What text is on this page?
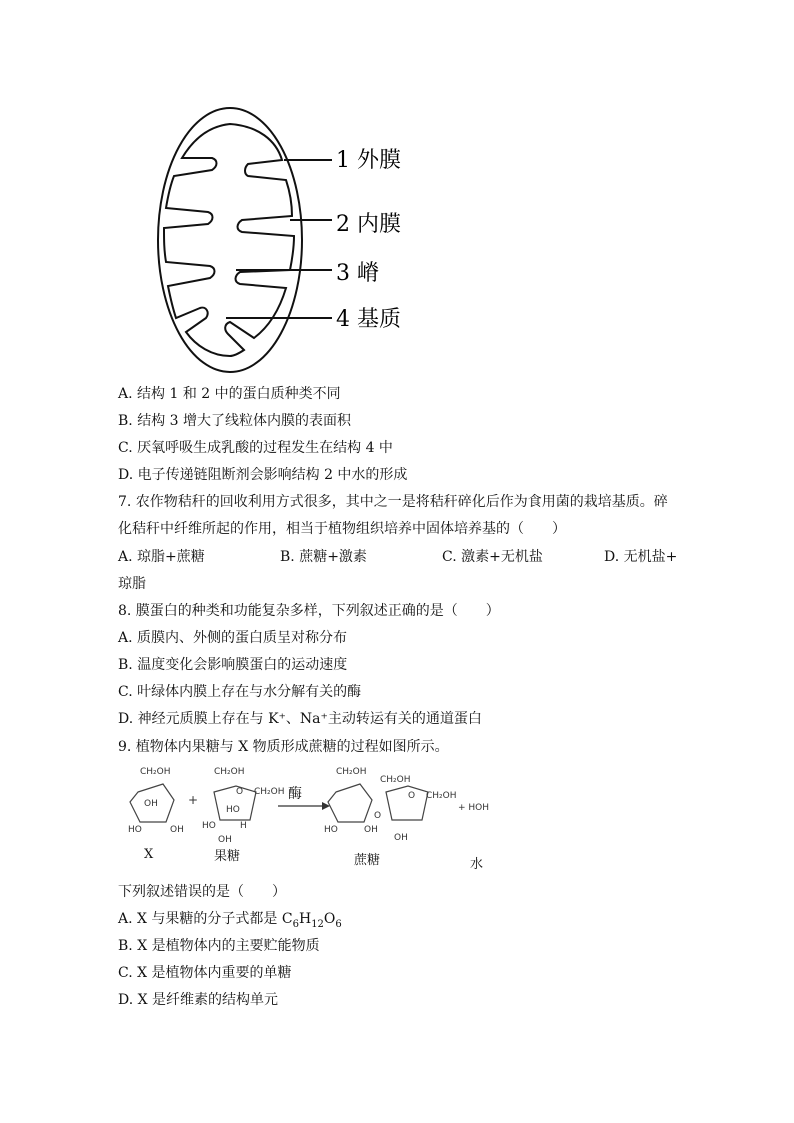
1 外膜
2 内膜
3 嵴
4 基质
A. 结构 1 和 2 中的蛋白质种类不同
B. 结构 3 增大了线粒体内膜的表面积
C. 厌氧呼吸生成乳酸的过程发生在结构 4 中
D. 电子传递链阻断剂会影响结构 2 中水的形成
7. 农作物秸秆的回收利用方式很多，其中之一是将秸秆碎化后作为食用菌的栽培基质。碎
化秸秆中纤维所起的作用，相当于植物组织培养中固体培养基的（　　）
A. 琼脂+蔗糖	B. 蔗糖+激素	C. 激素+无机盐	D. 无机盐+
琼脂
8. 膜蛋白的种类和功能复杂多样，下列叙述正确的是（　　）
A. 质膜内、外侧的蛋白质呈对称分布
B. 温度变化会影响膜蛋白的运动速度
C. 叶绿体内膜上存在与水分解有关的酶
D. 神经元质膜上存在与 K⁺、Na⁺主动转运有关的通道蛋白
9. 植物体内果糖与 X 物质形成蔗糖的过程如图所示。
CH₂OH
HO	OH
OH	+
CH₂OH
O CH₂OH
HO
HO
OH
H
酶
CH₂OH
HO	OH
O
CH₂OH
O CH₂OH
OH
+ HOH
X	果糖	蔗糖	水
下列叙述错误的是（　　）
A. X 与果糖的分子式都是 $C_6H_{12}O_6$
B. X 是植物体内的主要贮能物质
C. X 是植物体内重要的单糖
D. X 是纤维素的结构单元
